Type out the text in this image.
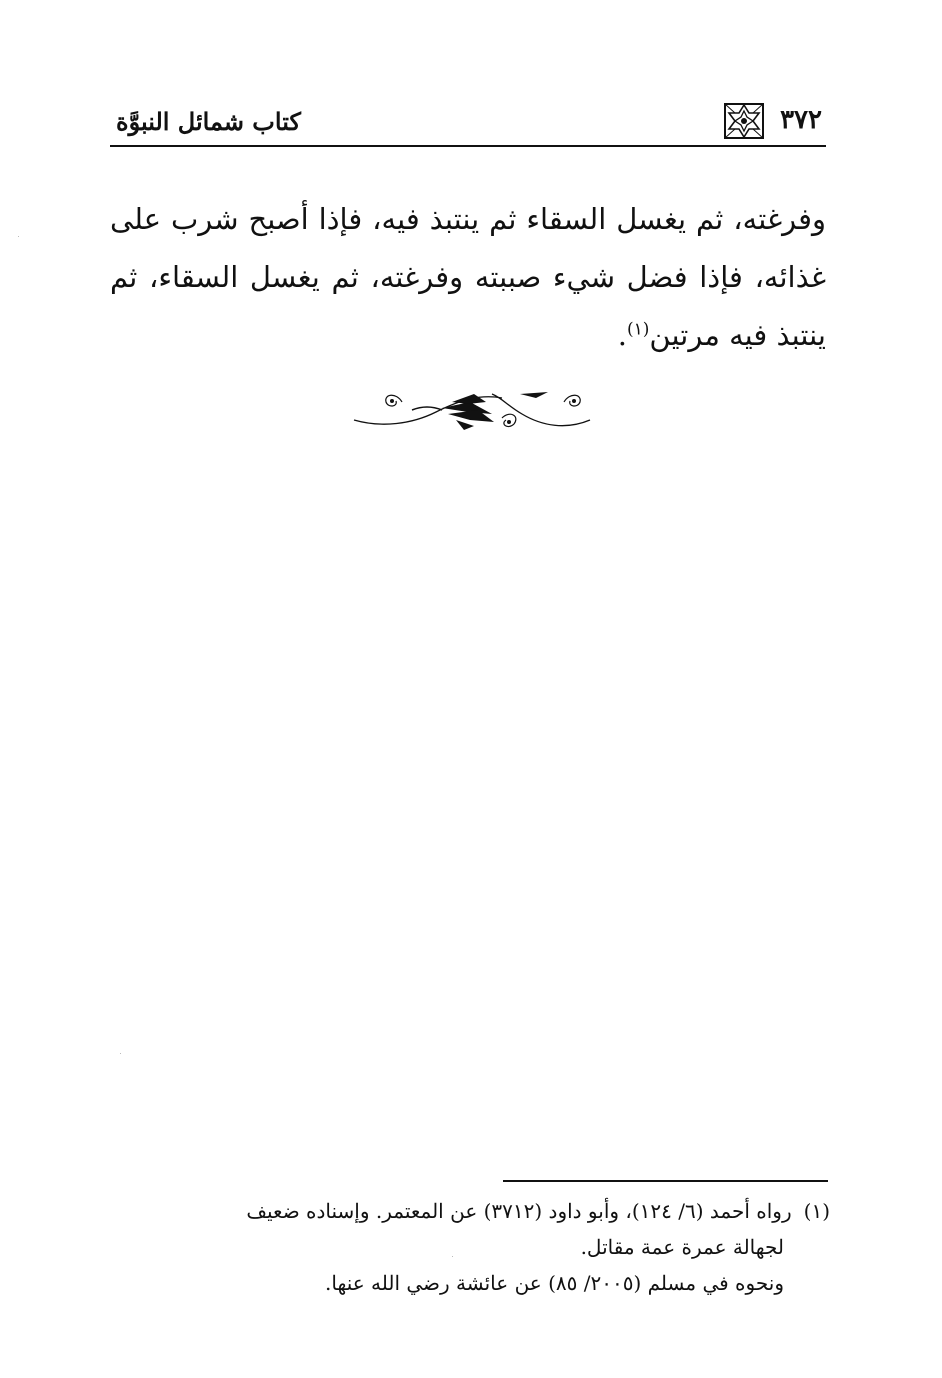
كتاب شمائل النبوَّة	٣٧٢
وفرغته، ثم يغسل السقاء ثم ينتبذ فيه، فإذا أصبح شرب على غذائه، فإذا فضل شيء صببته وفرغته، ثم يغسل السقاء، ثم ينتبذ فيه مرتين$^{(١)}$.
(١)رواه أحمد (٦/ ١٢٤)، وأبو داود (٣٧١٢) عن المعتمر. وإسناده ضعيف
لجهالة عمرة عمة مقاتل.
ونحوه في مسلم (٢٠٠٥/ ٨٥) عن عائشة رضي الله عنها.
